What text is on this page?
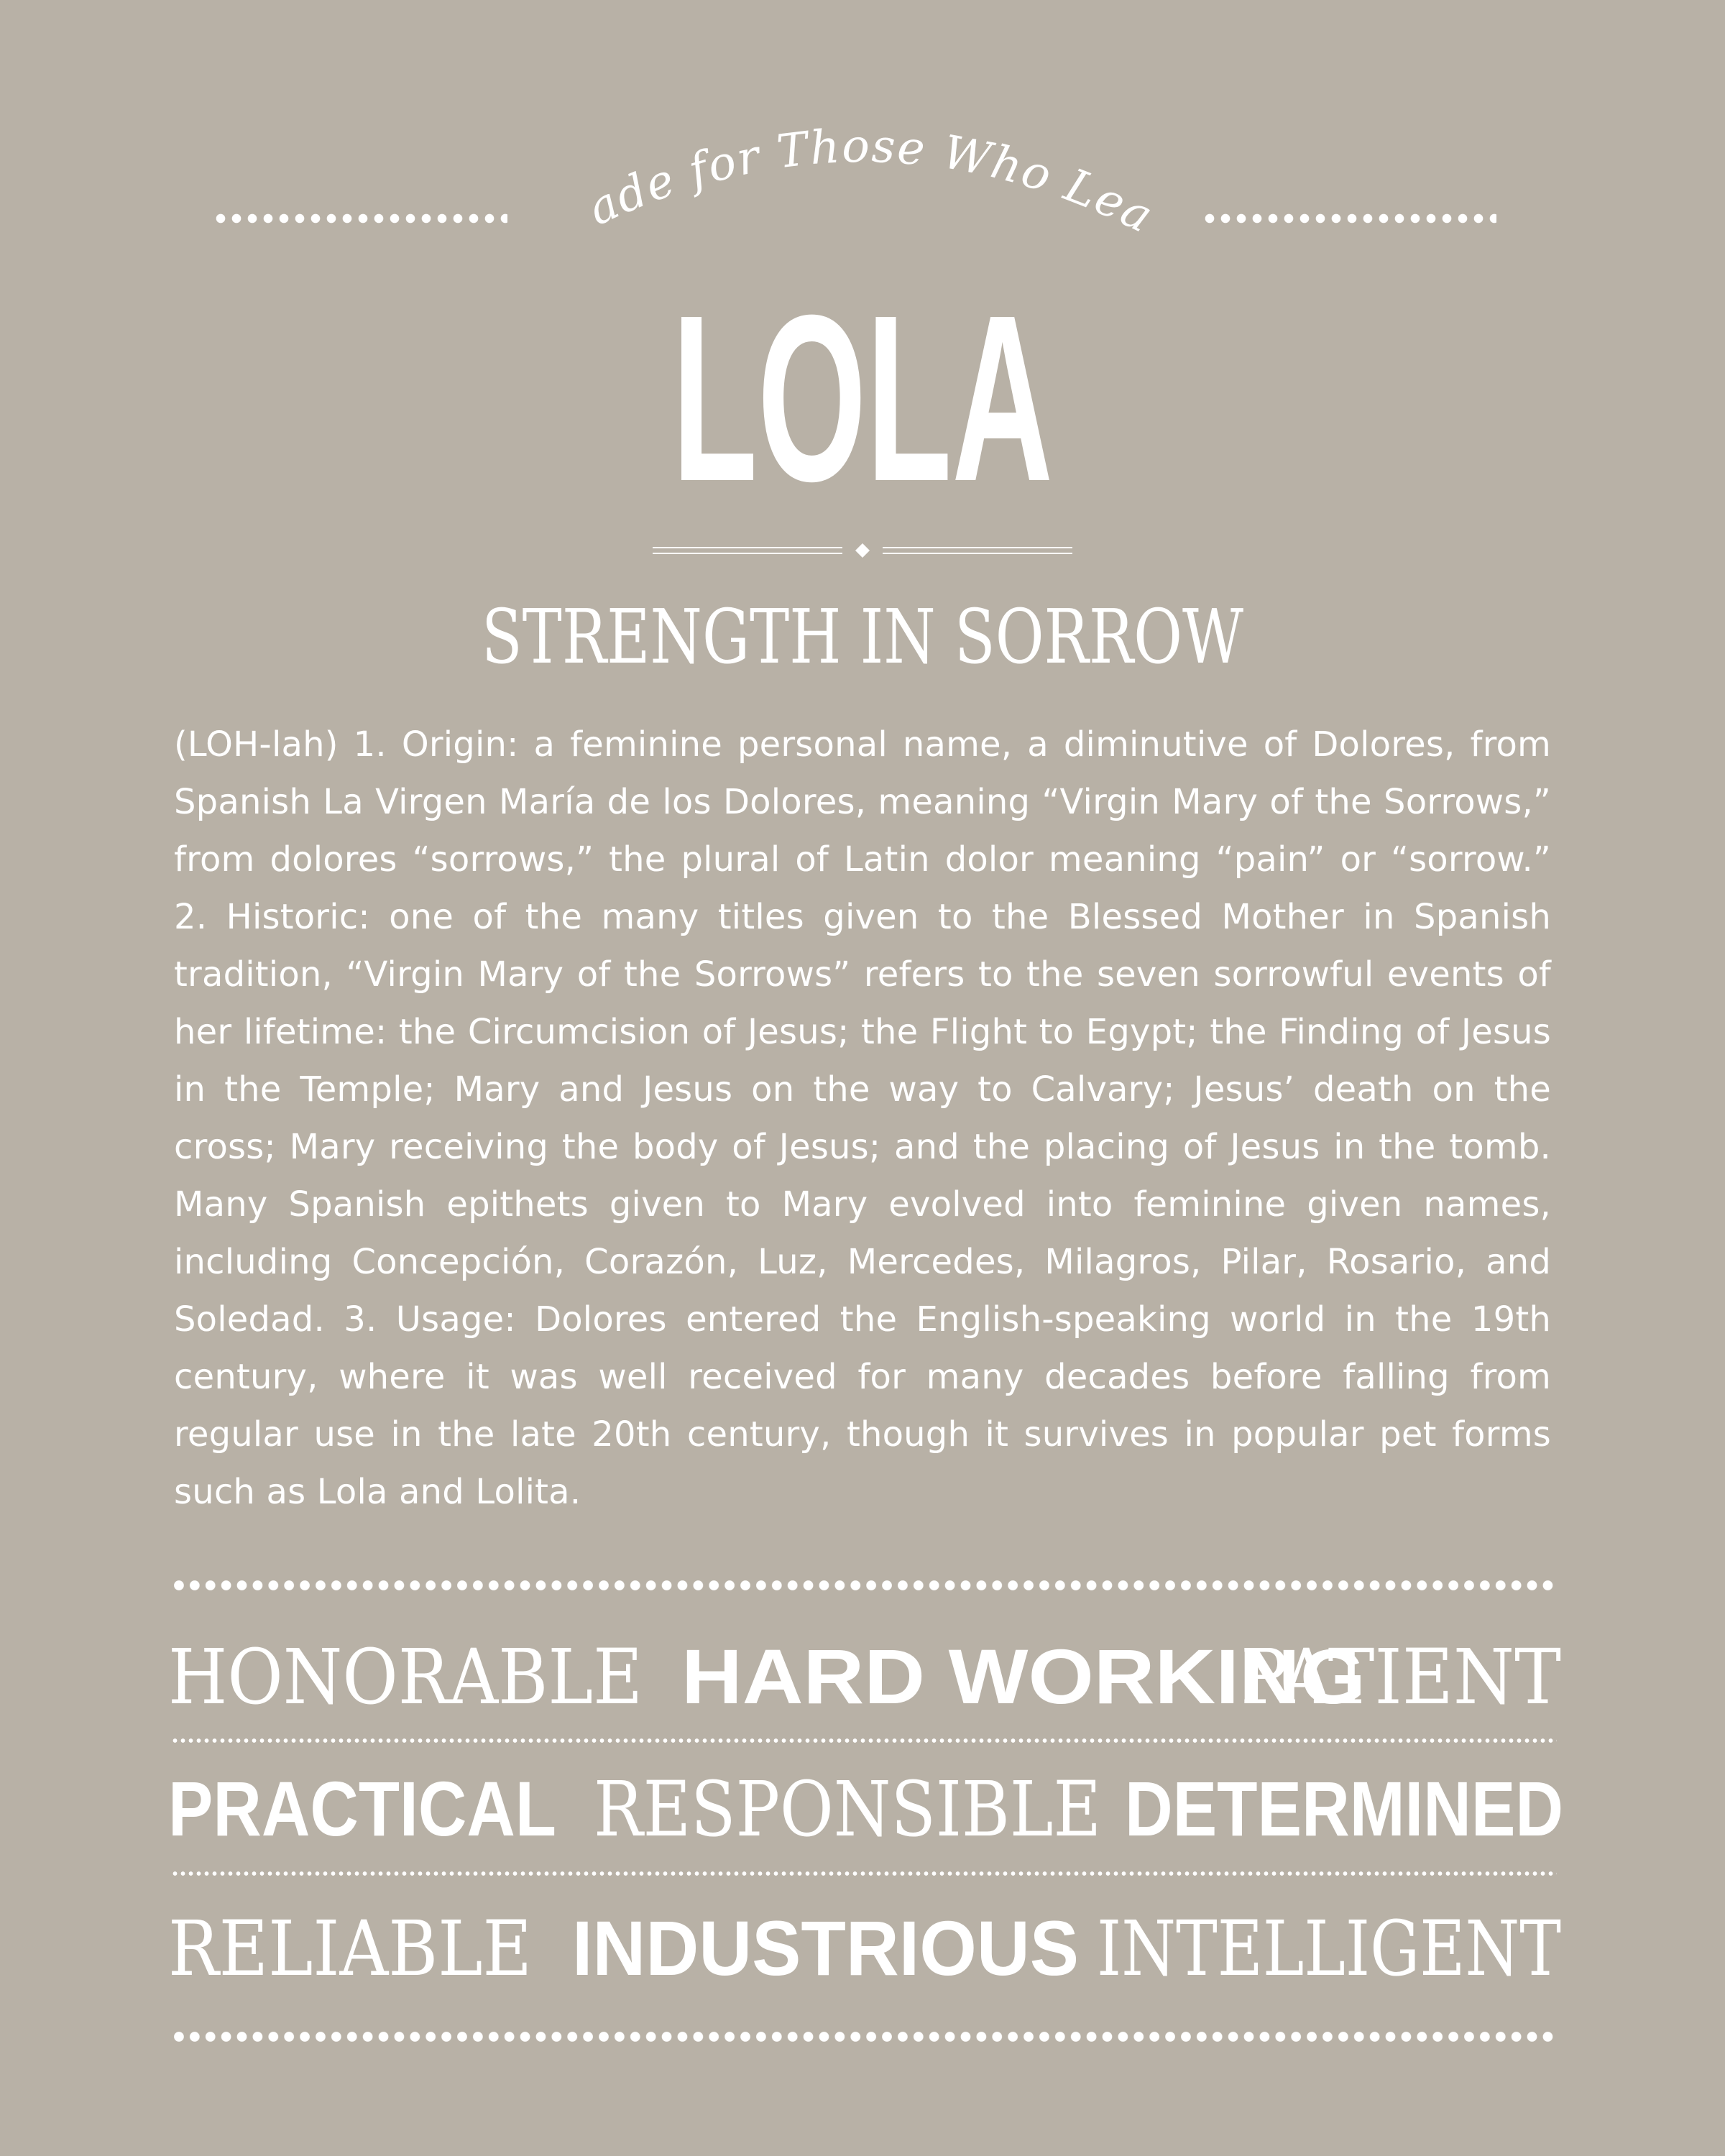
Made for Those Who Lead
LOLA
STRENGTH IN SORROW

(LOH-lah) 1. Origin: a feminine personal name, a diminutive of Dolores, from Spanish La Virgen María de los Dolores, meaning “Virgin Mary of the Sorrows,” from dolores “sorrows,” the plural of Latin dolor meaning “pain” or “sorrow.” 2. Historic: one of the many titles given to the Blessed Mother in Spanish tradition, “Virgin Mary of the Sorrows” refers to the seven sorrowful events of her lifetime: the Circumcision of Jesus; the Flight to Egypt; the Finding of Jesus in the Temple; Mary and Jesus on the way to Calvary; Jesus’ death on the cross; Mary receiving the body of Jesus; and the placing of Jesus in the tomb. Many Spanish epithets given to Mary evolved into feminine given names, including Concepción, Corazón, Luz, Mercedes, Milagros, Pilar, Rosario, and Soledad. 3. Usage: Dolores entered the English-speaking world in the 19th century, where it was well received for many decades before falling from regular use in the late 20th century, though it survives in popular pet forms such as Lola and Lolita.

HONORABLE HARD WORKING
PATIENT
PRACTICAL RESPONSIBLE DETERMINED
RELIABLE INDUSTRIOUS INTELLIGENT
